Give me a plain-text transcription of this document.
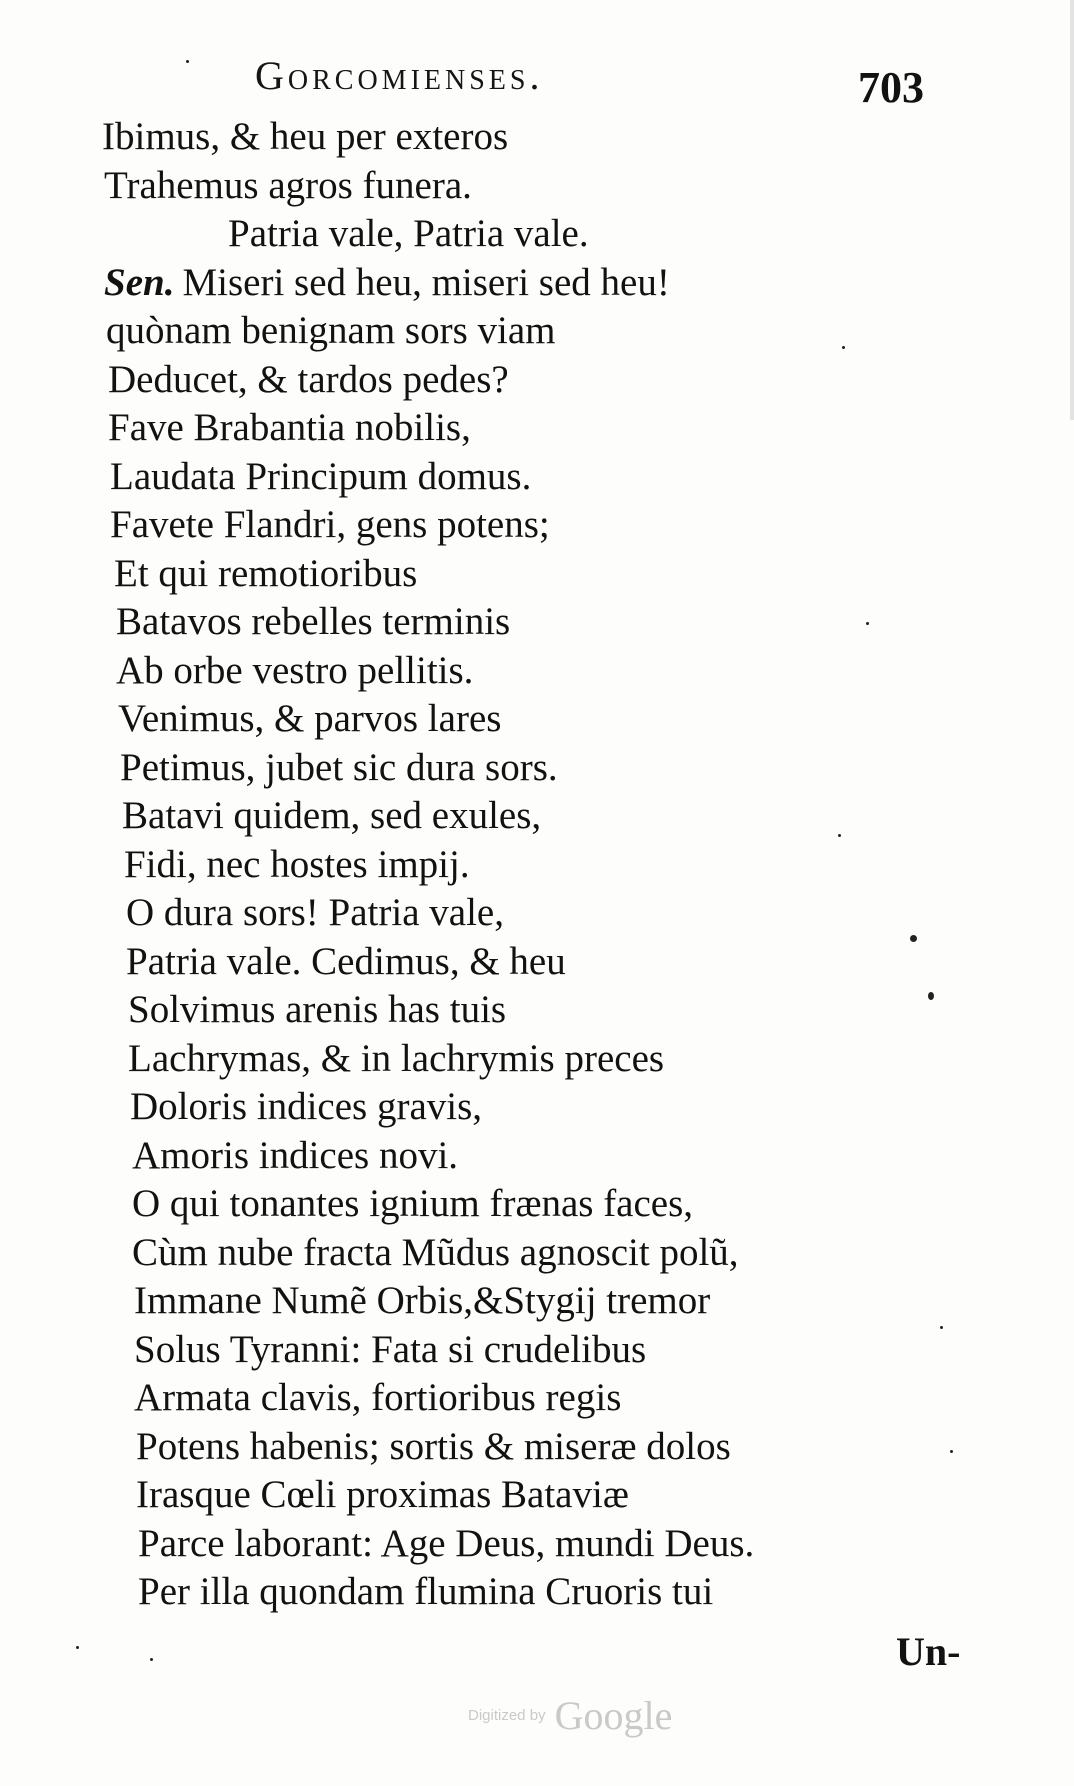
Gorcomienses.	703
Ibimus, & heu per exteros
Trahemus agros funera.
Patria vale, Patria vale.
Sen. Miseri sed heu, miseri sed heu!
quònam benignam sors viam
Deducet, & tardos pedes?
Fave Brabantia nobilis,
Laudata Principum domus.
Favete Flandri, gens potens;
Et qui remotioribus
Batavos rebelles terminis
Ab orbe vestro pellitis.
Venimus, & parvos lares
Petimus, jubet sic dura sors.
Batavi quidem, sed exules,
Fidi, nec hostes impij.
O dura sors! Patria vale,
Patria vale. Cedimus, & heu
Solvimus arenis has tuis
Lachrymas, & in lachrymis preces
Doloris indices gravis,
Amoris indices novi.
O qui tonantes ignium frænas faces,
Cùm nube fracta Mũdus agnoscit polũ,
Immane Numẽ Orbis,&Stygij tremor
Solus Tyranni: Fata si crudelibus
Armata clavis, fortioribus regis
Potens habenis; sortis & miseræ dolos
Irasque Cœli proximas Bataviæ
Parce laborant: Age Deus, mundi Deus.
Per illa quondam flumina Cruoris tui
Un-
Digitized by Google
